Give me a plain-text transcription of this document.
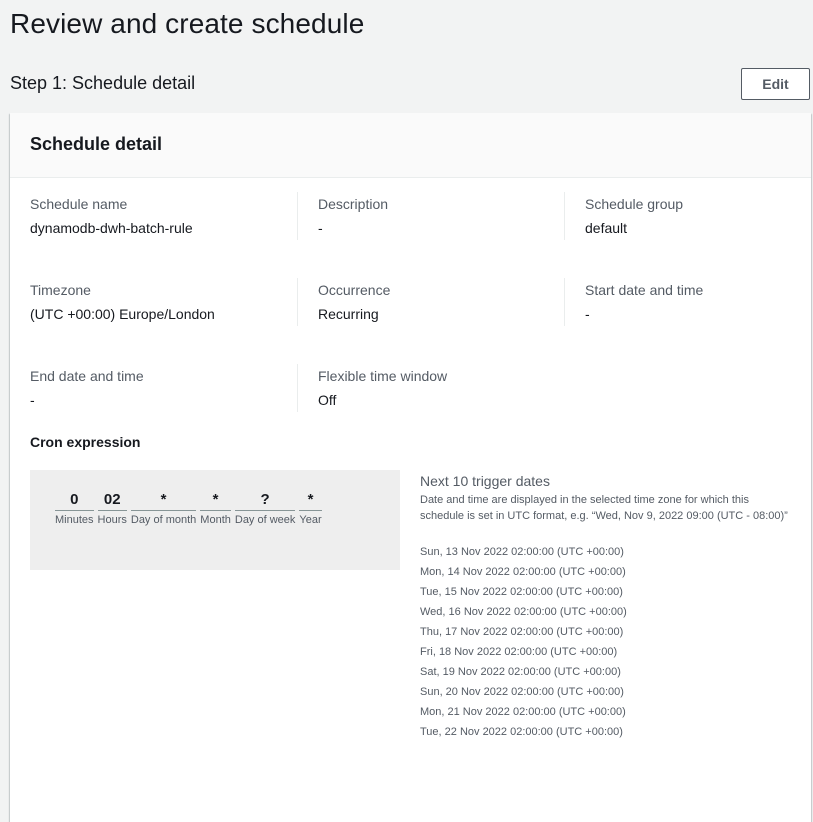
Review and create schedule
Step 1: Schedule detail	Edit
Schedule detail
Schedule name
dynamodb-dwh-batch-rule
Description
-
Schedule group
default
Timezone
(UTC +00:00) Europe/London
Occurrence
Recurring
Start date and time
-
End date and time
-
Flexible time window
Off
Cron expression
0
Minutes
02
Hours
*
Day of month
*
Month
?
Day of week
*
Year
Next 10 trigger dates
Date and time are displayed in the selected time zone for which this schedule is set in UTC format, e.g. “Wed, Nov 9, 2022 09:00 (UTC - 08:00)”
Sun, 13 Nov 2022 02:00:00 (UTC +00:00)
Mon, 14 Nov 2022 02:00:00 (UTC +00:00)
Tue, 15 Nov 2022 02:00:00 (UTC +00:00)
Wed, 16 Nov 2022 02:00:00 (UTC +00:00)
Thu, 17 Nov 2022 02:00:00 (UTC +00:00)
Fri, 18 Nov 2022 02:00:00 (UTC +00:00)
Sat, 19 Nov 2022 02:00:00 (UTC +00:00)
Sun, 20 Nov 2022 02:00:00 (UTC +00:00)
Mon, 21 Nov 2022 02:00:00 (UTC +00:00)
Tue, 22 Nov 2022 02:00:00 (UTC +00:00)
